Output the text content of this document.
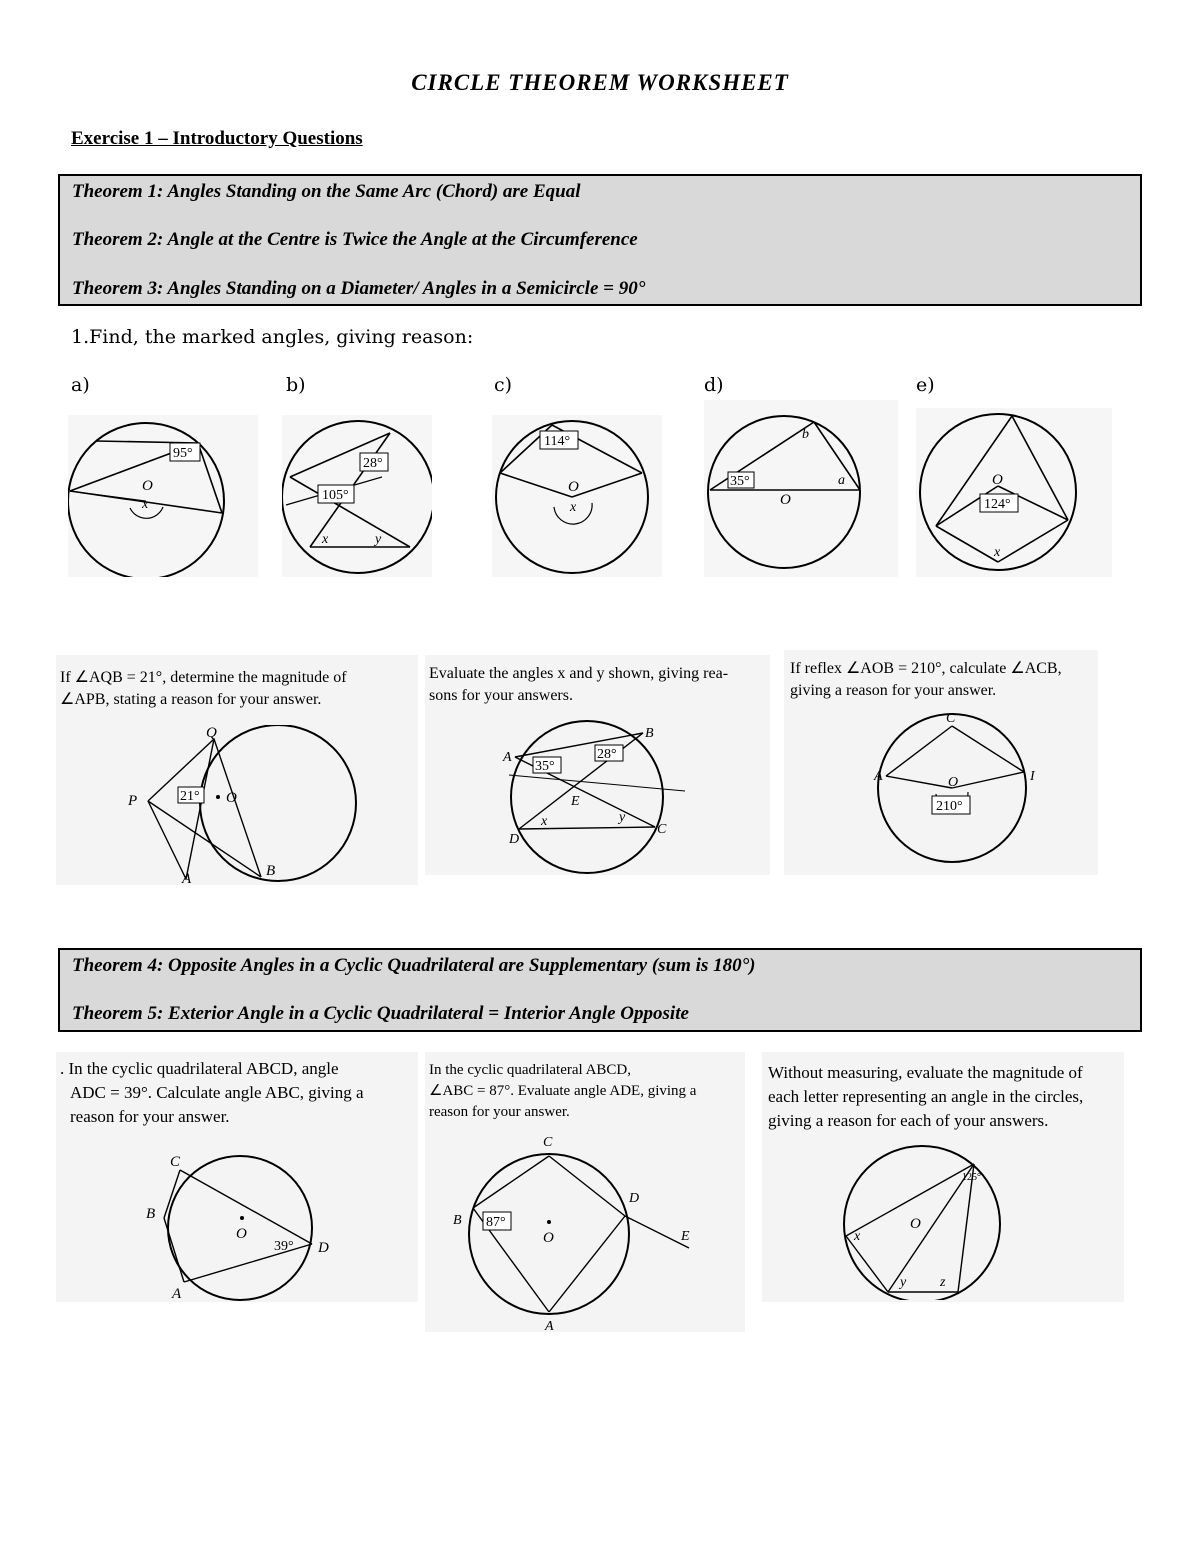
CIRCLE THEOREM WORKSHEET
Exercise 1 – Introductory Questions
Theorem 1: Angles Standing on the Same Arc (Chord) are Equal
Theorem 2: Angle at the Centre is Twice the Angle at the Circumference
Theorem 3: Angles Standing on a Diameter/ Angles in a Semicircle = 90°
1.Find, the marked angles, giving reason:
a)	b)	c)	d)	e)
95°
O
x
28°
105°
x	y
114°
O
x
35°
O
a
b
124°
O
x
If ∠AQB = 21°, determine the magnitude of
∠APB, stating a reason for your answer.
21° O
Q
P
A	B
Evaluate the angles x and y shown, giving rea-
sons for your answers.
35°
28°
A
B
C
D
E
x	y
If reflex ∠AOB = 210°, calculate ∠ACB,
giving a reason for your answer.
210°
C
A	I
O
Theorem 4: Opposite Angles in a Cyclic Quadrilateral are Supplementary (sum is 180°)
Theorem 5: Exterior Angle in a Cyclic Quadrilateral = Interior Angle Opposite
. In the cyclic quadrilateral ABCD, angle
ADC = 39°. Calculate angle ABC, giving a
reason for your answer.
O
39°
C
B
A
D
In the cyclic quadrilateral ABCD,
∠ABC = 87°. Evaluate angle ADE, giving a
reason for your answer.
O
87°
C
B
A
D
E
Without measuring, evaluate the magnitude of
each letter representing an angle in the circles,
giving a reason for each of your answers.
O
x
y z
125°
